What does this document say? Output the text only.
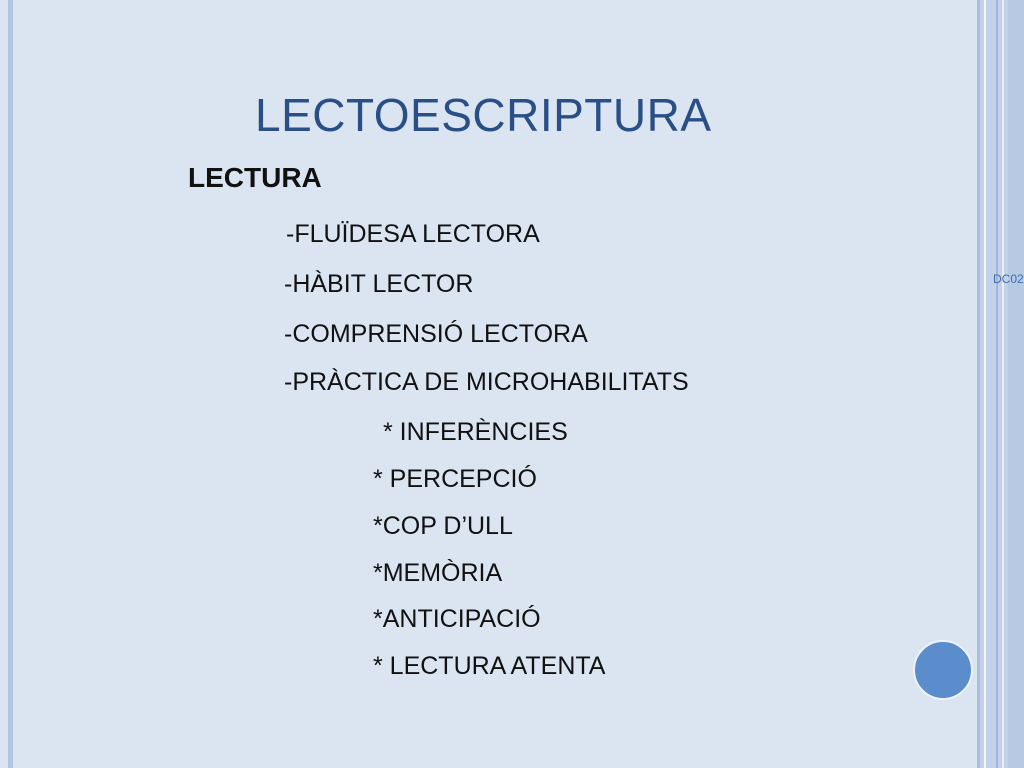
DC02
LECTOESCRIPTURA
LECTURA
-FLUÏDESA LECTORA
-HÀBIT LECTOR
-COMPRENSIÓ LECTORA
-PRÀCTICA DE MICROHABILITATS
* INFERÈNCIES
* PERCEPCIÓ
*COP D’ULL
*MEMÒRIA
*ANTICIPACIÓ
* LECTURA ATENTA
